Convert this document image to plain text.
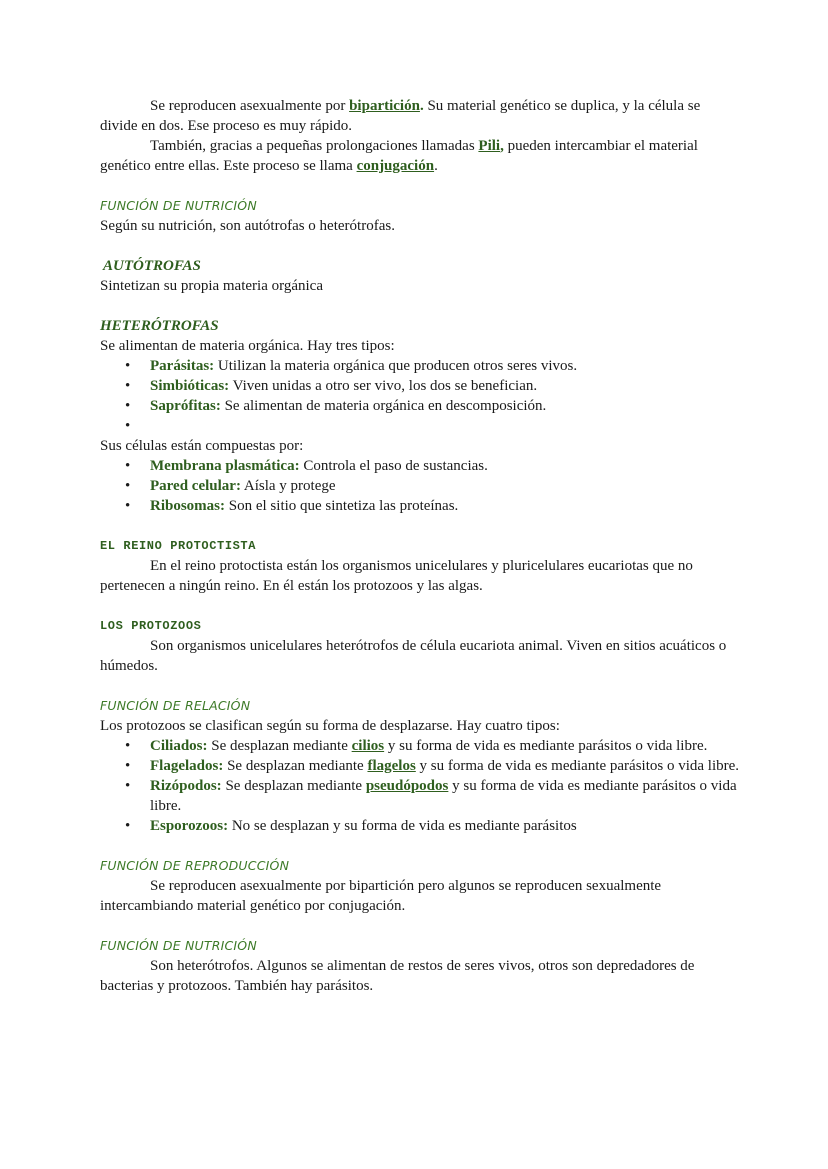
Se reproducen asexualmente por bipartición. Su material genético se duplica, y la célula se divide en dos. Ese proceso es muy rápido.

También, gracias a pequeñas prolongaciones llamadas Pili, pueden intercambiar el material genético entre ellas. Este proceso se llama conjugación.

FUNCIÓN DE NUTRICIÓN

Según su nutrición, son autótrofas o heterótrofas.

AUTÓTROFAS

Sintetizan su propia materia orgánica

HETERÓTROFAS

Se alimentan de materia orgánica. Hay tres tipos:

• Parásitas: Utilizan la materia orgánica que producen otros seres vivos.
• Simbióticas: Viven unidas a otro ser vivo, los dos se benefician.
• Saprófitas: Se alimentan de materia orgánica en descomposición.
•

Sus células están compuestas por:

• Membrana plasmática: Controla el paso de sustancias.
• Pared celular: Aísla y protege
• Ribosomas: Son el sitio que sintetiza las proteínas.

EL REINO PROTOCTISTA

En el reino protoctista están los organismos unicelulares y pluricelulares eucariotas que no pertenecen a ningún reino. En él están los protozoos y las algas.

LOS PROTOZOOS

Son organismos unicelulares heterótrofos de célula eucariota animal. Viven en sitios acuáticos o húmedos.

FUNCIÓN DE RELACIÓN

Los protozoos se clasifican según su forma de desplazarse. Hay cuatro tipos:

• Ciliados: Se desplazan mediante cilios y su forma de vida es mediante parásitos o vida libre.
• Flagelados: Se desplazan mediante flagelos y su forma de vida es mediante parásitos o vida libre.
• Rizópodos: Se desplazan mediante pseudópodos y su forma de vida es mediante parásitos o vida libre.
• Esporozoos: No se desplazan y su forma de vida es mediante parásitos

FUNCIÓN DE REPRODUCCIÓN

Se reproducen asexualmente por bipartición pero algunos se reproducen sexualmente intercambiando material genético por conjugación.

FUNCIÓN DE NUTRICIÓN

Son heterótrofos. Algunos se alimentan de restos de seres vivos, otros son depredadores de bacterias y protozoos. También hay parásitos.
